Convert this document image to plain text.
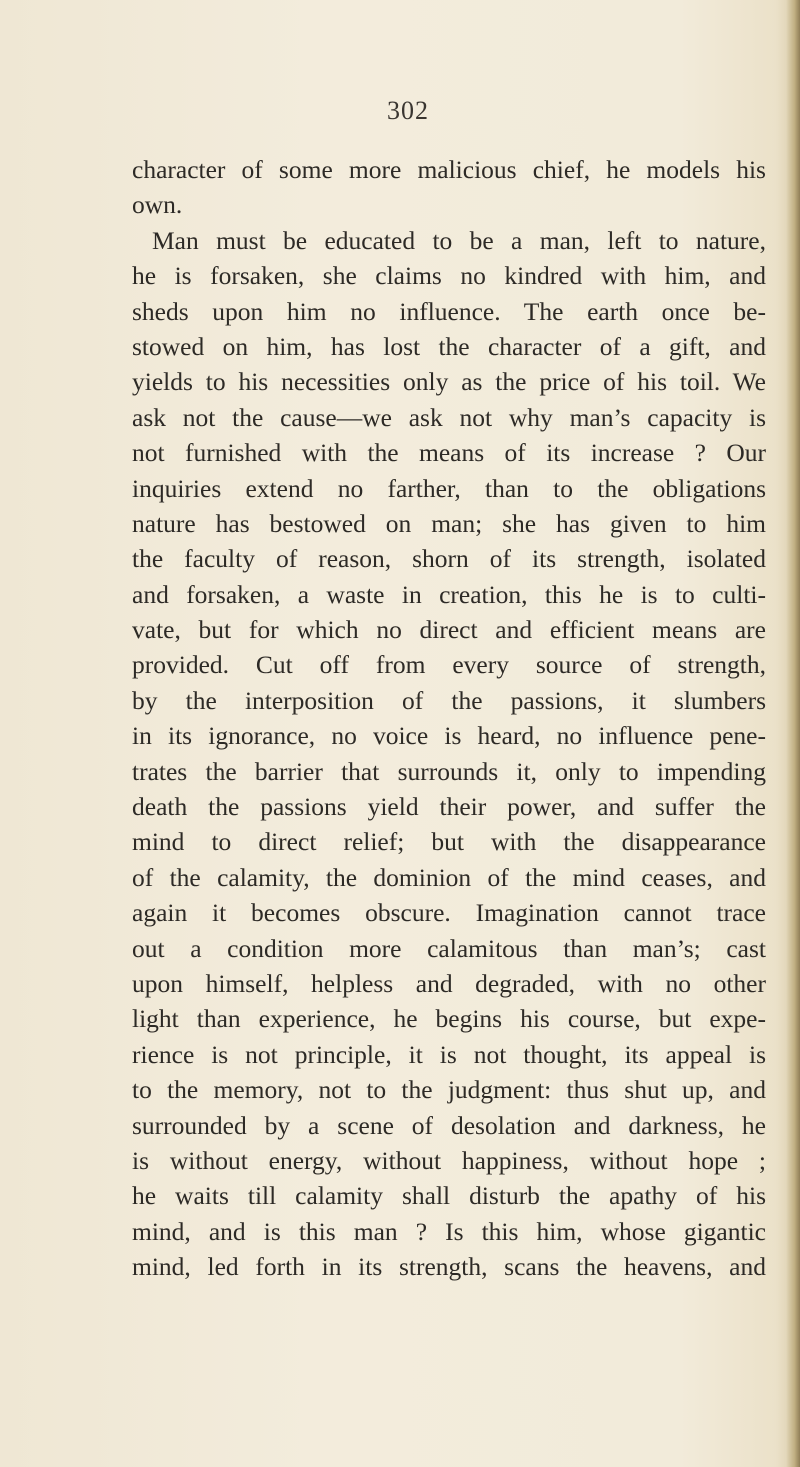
302
character of some more malicious chief, he models his
own.
Man must be educated to be a man, left to nature,
he is forsaken, she claims no kindred with him, and
sheds upon him no influence. The earth once be-
stowed on him, has lost the character of a gift, and
yields to his necessities only as the price of his toil. We
ask not the cause—we ask not why man’s capacity is
not furnished with the means of its increase ? Our
inquiries extend no farther, than to the obligations
nature has bestowed on man; she has given to him
the faculty of reason, shorn of its strength, isolated
and forsaken, a waste in creation, this he is to culti-
vate, but for which no direct and efficient means are
provided. Cut off from every source of strength,
by the interposition of the passions, it slumbers
in its ignorance, no voice is heard, no influence pene-
trates the barrier that surrounds it, only to impending
death the passions yield their power, and suffer the
mind to direct relief; but with the disappearance
of the calamity, the dominion of the mind ceases, and
again it becomes obscure. Imagination cannot trace
out a condition more calamitous than man’s; cast
upon himself, helpless and degraded, with no other
light than experience, he begins his course, but expe-
rience is not principle, it is not thought, its appeal is
to the memory, not to the judgment: thus shut up, and
surrounded by a scene of desolation and darkness, he
is without energy, without happiness, without hope ;
he waits till calamity shall disturb the apathy of his
mind, and is this man ? Is this him, whose gigantic
mind, led forth in its strength, scans the heavens, and
